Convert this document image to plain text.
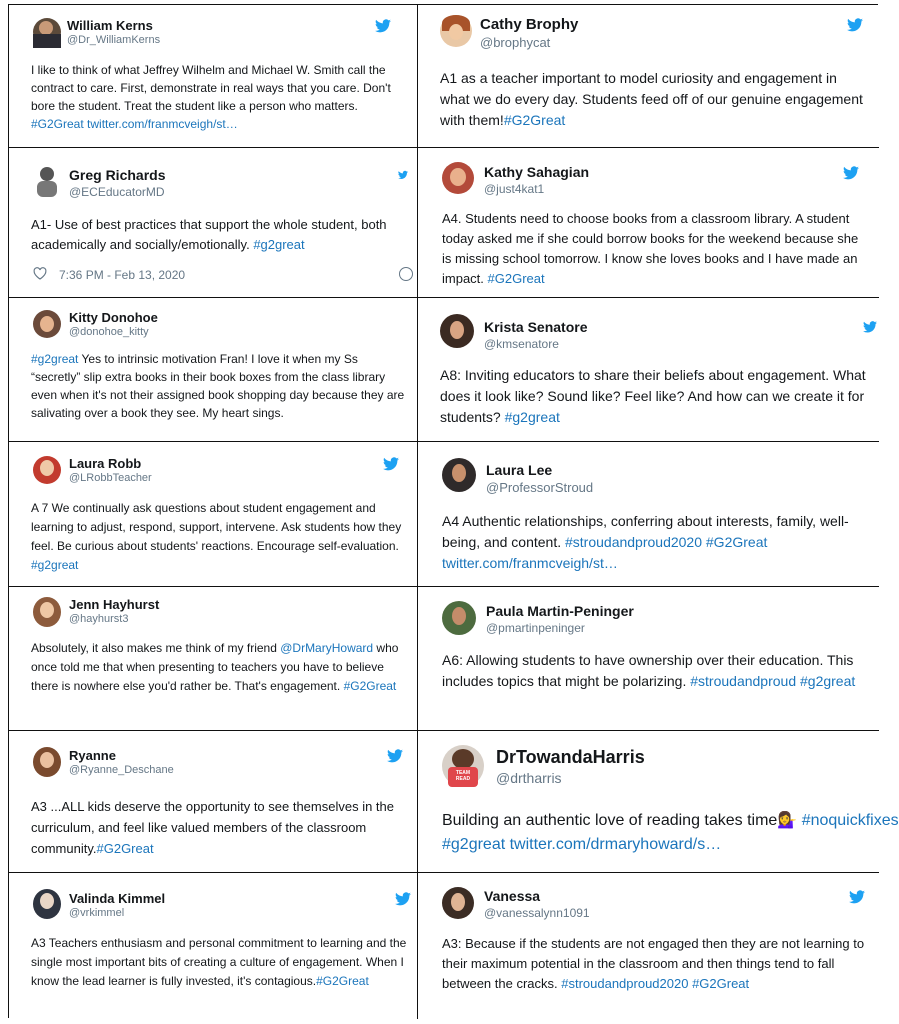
William Kerns
@Dr_WilliamKerns
I like to think of what Jeffrey Wilhelm and Michael W. Smith call the contract to care. First, demonstrate in real ways that you care. Don't bore the student. Treat the student like a person who matters. #G2Great twitter.com/franmcveigh/st…
Cathy Brophy
@brophycat
A1 as a teacher important to model curiosity and engagement in what we do every day. Students feed off of our genuine engagement with them!#G2Great
Greg Richards
@ECEducatorMD
A1- Use of best practices that support the whole student, both academically and socially/emotionally. #g2great
7:36 PM - Feb 13, 2020
Kathy Sahagian
@just4kat1
A4. Students need to choose books from a classroom library. A student today asked me if she could borrow books for the weekend because she is missing school tomorrow. I know she loves books and I have made an impact. #G2Great
Kitty Donohoe
@donohoe_kitty
#g2great Yes to intrinsic motivation Fran! I love it when my Ss “secretly” slip extra books in their book boxes from the class library even when it's not their assigned book shopping day because they are salivating over a book they see. My heart sings.
Krista Senatore
@kmsenatore
A8: Inviting educators to share their beliefs about engagement. What does it look like? Sound like? Feel like? And how can we create it for students? #g2great
Laura Robb
@LRobbTeacher
A 7 We continually ask questions about student engagement and learning to adjust, respond, support, intervene. Ask students how they feel. Be curious about students' reactions. Encourage self-evaluation. #g2great
Laura Lee
@ProfessorStroud
A4 Authentic relationships, conferring about interests, family, well-being, and content. #stroudandproud2020 #G2Great twitter.com/franmcveigh/st…
Jenn Hayhurst
@hayhurst3
Absolutely, it also makes me think of my friend @DrMaryHoward who once told me that when presenting to teachers you have to believe there is nowhere else you'd rather be. That's engagement. #G2Great
Paula Martin-Peninger
@pmartinpeninger
A6: Allowing students to have ownership over their education. This includes topics that might be polarizing. #stroudandproud #g2great
Ryanne
@Ryanne_Deschane
A3 ...ALL kids deserve the opportunity to see themselves in the curriculum, and feel like valued members of the classroom community.#G2Great
TEAM READ
DrTowandaHarris
@drtharris
Building an authentic love of reading takes time💁‍♀️ #noquickfixes #g2great twitter.com/drmaryhoward/s…
Valinda Kimmel
@vrkimmel
A3 Teachers enthusiasm and personal commitment to learning and the single most important bits of creating a culture of engagement. When I know the lead learner is fully invested, it's contagious.#G2Great
Vanessa
@vanessalynn1091
A3: Because if the students are not engaged then they are not learning to their maximum potential in the classroom and then things tend to fall between the cracks. #stroudandproud2020 #G2Great
